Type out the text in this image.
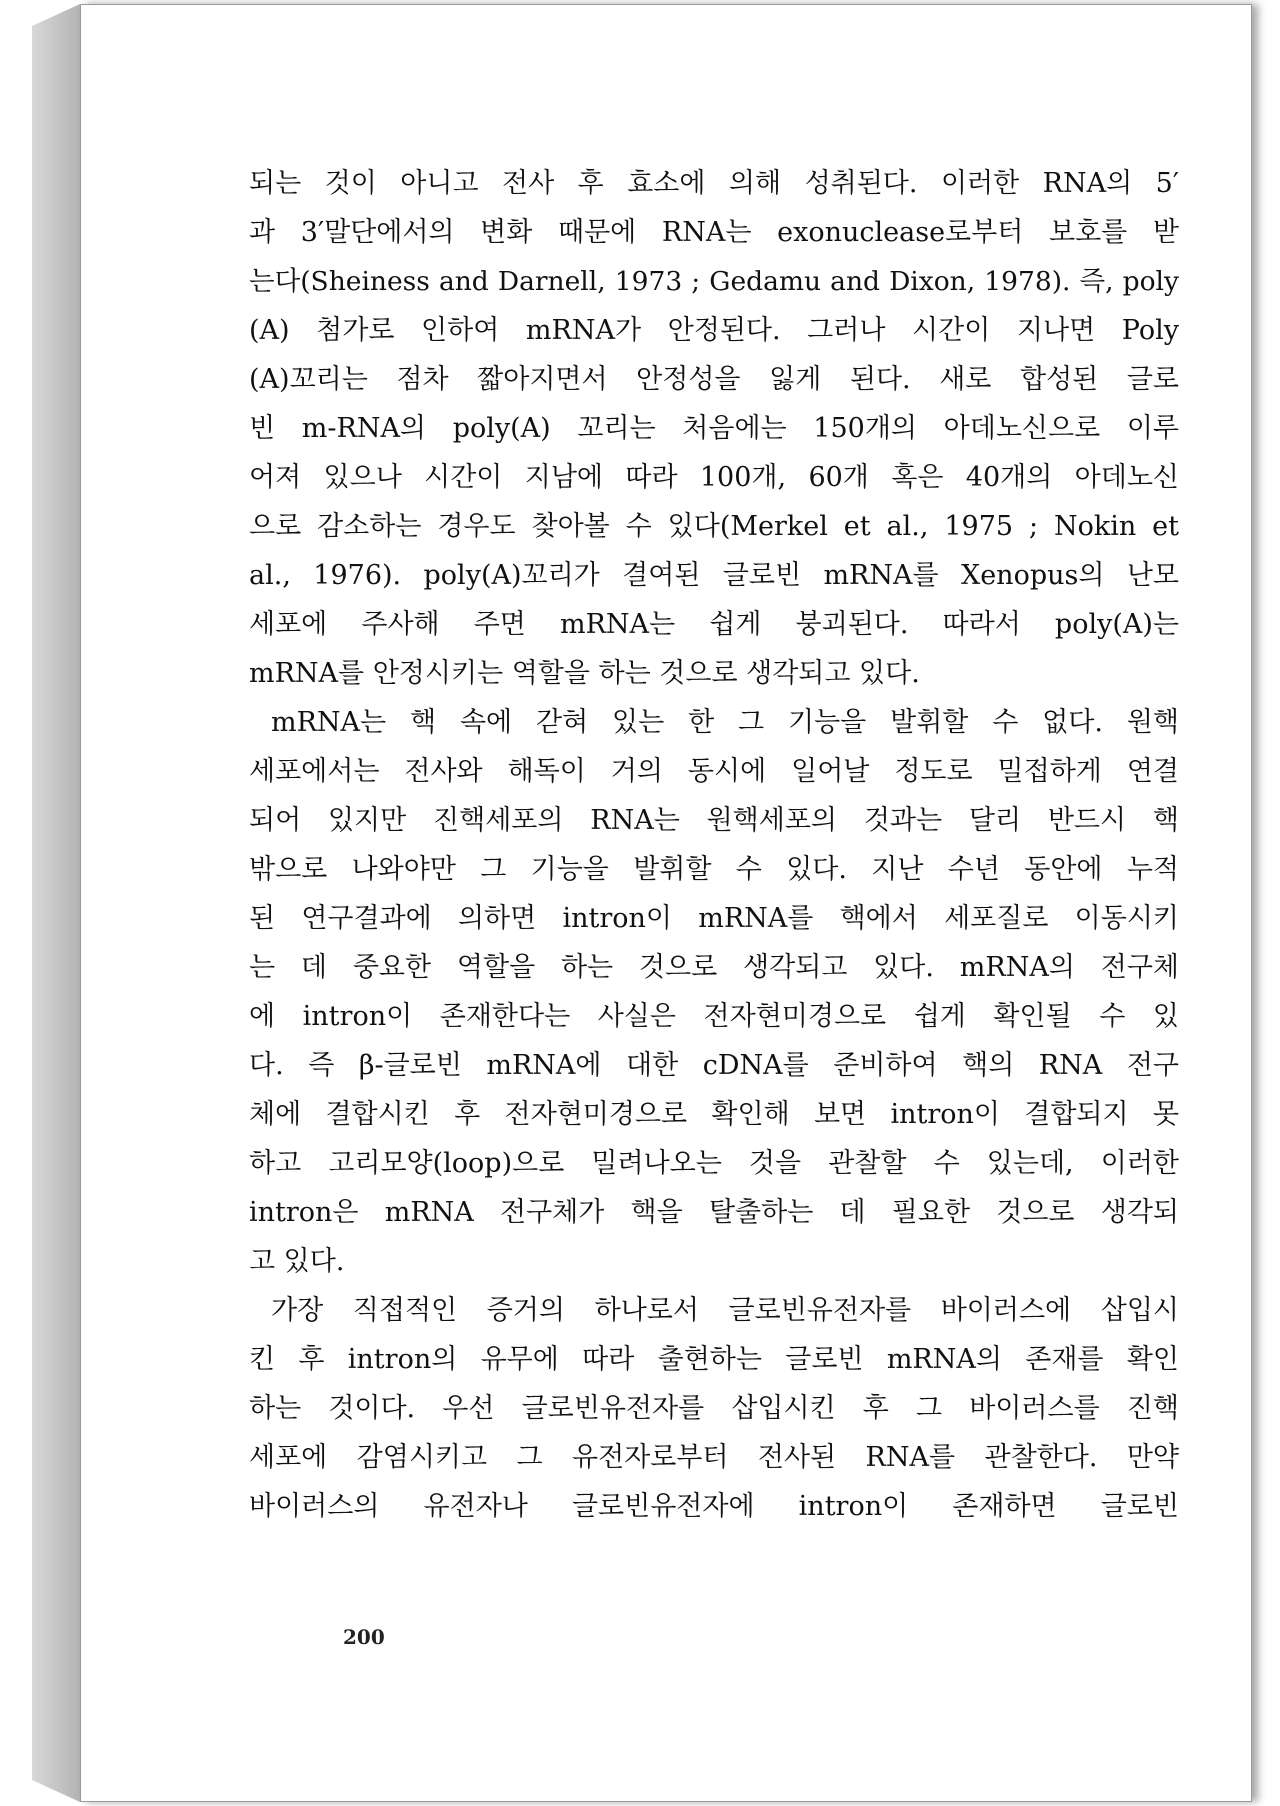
되는 것이 아니고 전사 후 효소에 의해 성취된다. 이러한 RNA의 5′
과 3′말단에서의 변화 때문에 RNA는 exonuclease로부터 보호를 받
는다(Sheiness and Darnell, 1973 ; Gedamu and Dixon, 1978). 즉, poly
(A) 첨가로 인하여 mRNA가 안정된다. 그러나 시간이 지나면 Poly
(A)꼬리는 점차 짧아지면서 안정성을 잃게 된다. 새로 합성된 글로
빈 m-RNA의 poly(A) 꼬리는 처음에는 150개의 아데노신으로 이루
어져 있으나 시간이 지남에 따라 100개, 60개 혹은 40개의 아데노신
으로 감소하는 경우도 찾아볼 수 있다(Merkel et al., 1975 ; Nokin et
al., 1976). poly(A)꼬리가 결여된 글로빈 mRNA를 Xenopus의 난모
세포에 주사해 주면 mRNA는 쉽게 붕괴된다. 따라서 poly(A)는
mRNA를 안정시키는 역할을 하는 것으로 생각되고 있다.
mRNA는 핵 속에 갇혀 있는 한 그 기능을 발휘할 수 없다. 원핵
세포에서는 전사와 해독이 거의 동시에 일어날 정도로 밀접하게 연결
되어 있지만 진핵세포의 RNA는 원핵세포의 것과는 달리 반드시 핵
밖으로 나와야만 그 기능을 발휘할 수 있다. 지난 수년 동안에 누적
된 연구결과에 의하면 intron이 mRNA를 핵에서 세포질로 이동시키
는 데 중요한 역할을 하는 것으로 생각되고 있다. mRNA의 전구체
에 intron이 존재한다는 사실은 전자현미경으로 쉽게 확인될 수 있
다. 즉 β-글로빈 mRNA에 대한 cDNA를 준비하여 핵의 RNA 전구
체에 결합시킨 후 전자현미경으로 확인해 보면 intron이 결합되지 못
하고 고리모양(loop)으로 밀려나오는 것을 관찰할 수 있는데, 이러한
intron은 mRNA 전구체가 핵을 탈출하는 데 필요한 것으로 생각되
고 있다.
가장 직접적인 증거의 하나로서 글로빈유전자를 바이러스에 삽입시
킨 후 intron의 유무에 따라 출현하는 글로빈 mRNA의 존재를 확인
하는 것이다. 우선 글로빈유전자를 삽입시킨 후 그 바이러스를 진핵
세포에 감염시키고 그 유전자로부터 전사된 RNA를 관찰한다. 만약
바이러스의 유전자나 글로빈유전자에 intron이 존재하면 글로빈
200
